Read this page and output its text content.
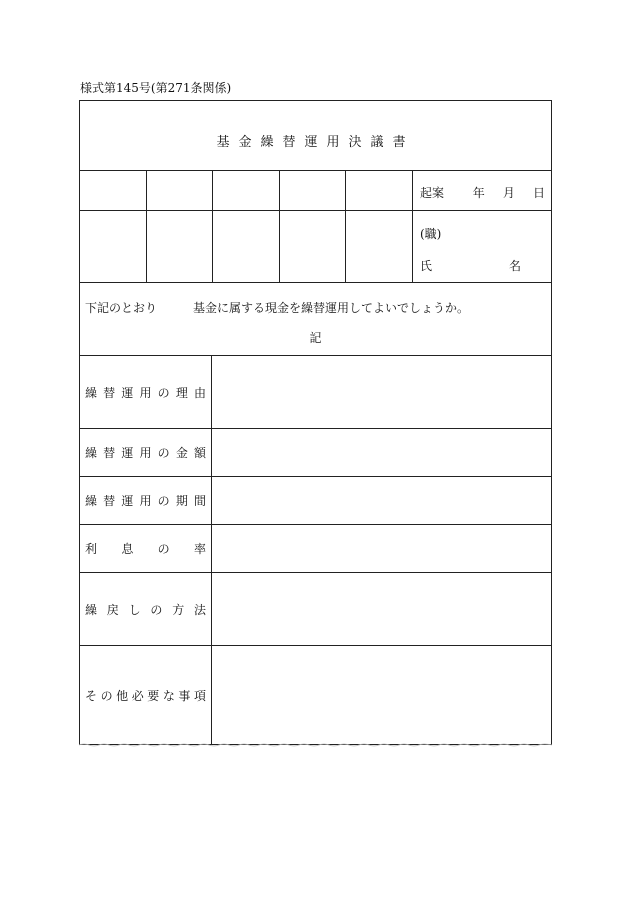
様式第145号(第271条関係)
基金繰替運用決議書
起案	年	月	日
(職)
氏	名
下記のとおり	基金に属する現金を繰替運用してよいでしょうか。
記
繰替運用の理由
繰替運用の金額
繰替運用の期間
利息の率
繰戻しの方法
その他必要な事項
